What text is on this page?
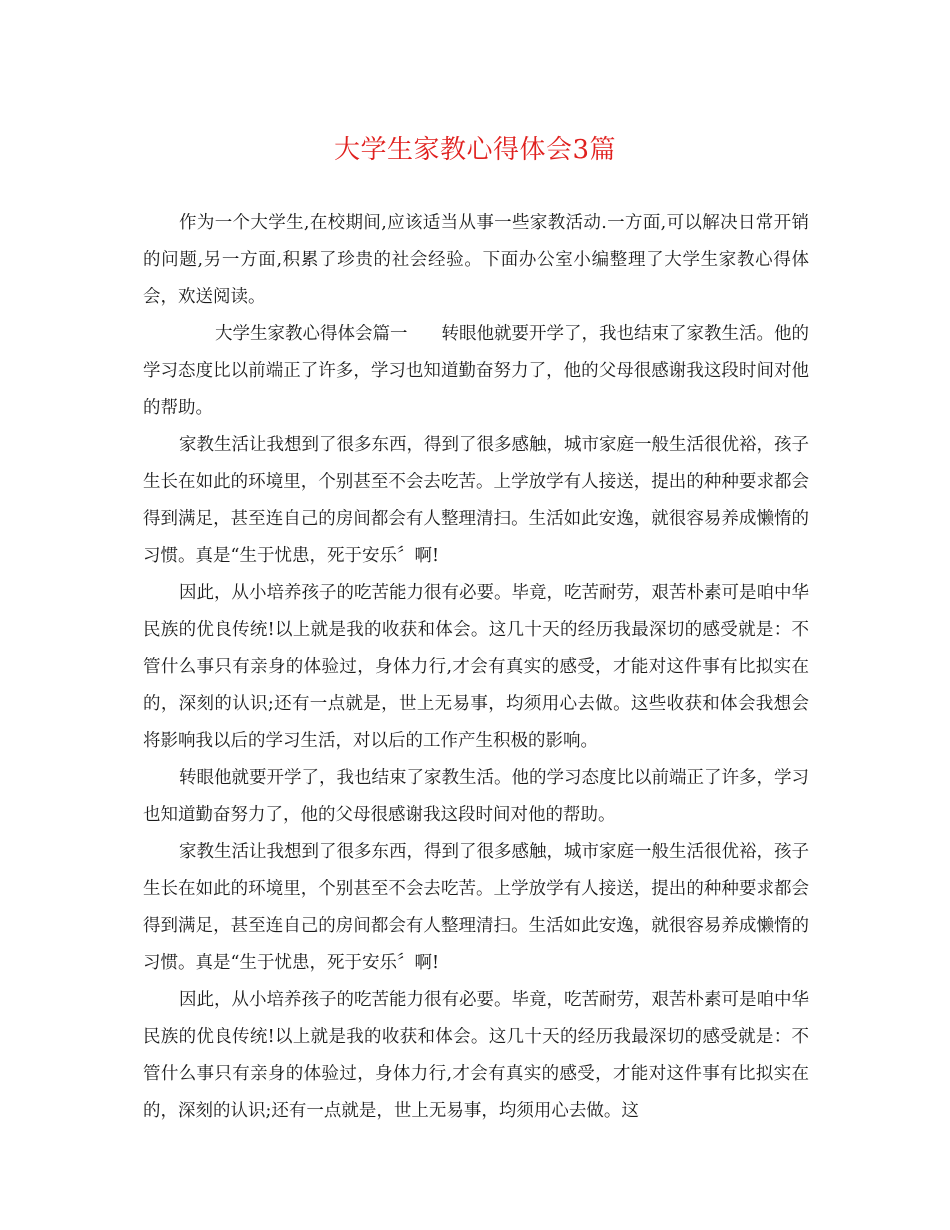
大学生家教心得体会3篇

作为一个大学生,在校期间,应该适当从事一些家教活动.一方面,可以解决日常开销的问题,另一方面,积累了珍贵的社会经验。下面办公室小编整理了大学生家教心得体会，欢送阅读。

大学生家教心得体会篇一 转眼他就要开学了，我也结束了家教生活。他的学习态度比以前端正了许多，学习也知道勤奋努力了，他的父母很感谢我这段时间对他的帮助。

家教生活让我想到了很多东西，得到了很多感触，城市家庭一般生活很优裕，孩子生长在如此的环境里，个别甚至不会去吃苦。上学放学有人接送，提出的种种要求都会得到满足，甚至连自己的房间都会有人整理清扫。生活如此安逸，就很容易养成懒惰的习惯。真是“生于忧患，死于安乐〞啊!

因此，从小培养孩子的吃苦能力很有必要。毕竟，吃苦耐劳，艰苦朴素可是咱中华民族的优良传统!以上就是我的收获和体会。这几十天的经历我最深切的感受就是：不管什么事只有亲身的体验过，身体力行,才会有真实的感受，才能对这件事有比拟实在的，深刻的认识;还有一点就是，世上无易事，均须用心去做。这些收获和体会我想会将影响我以后的学习生活，对以后的工作产生积极的影响。

转眼他就要开学了，我也结束了家教生活。他的学习态度比以前端正了许多，学习也知道勤奋努力了，他的父母很感谢我这段时间对他的帮助。

家教生活让我想到了很多东西，得到了很多感触，城市家庭一般生活很优裕，孩子生长在如此的环境里，个别甚至不会去吃苦。上学放学有人接送，提出的种种要求都会得到满足，甚至连自己的房间都会有人整理清扫。生活如此安逸，就很容易养成懒惰的习惯。真是“生于忧患，死于安乐〞啊!

因此，从小培养孩子的吃苦能力很有必要。毕竟，吃苦耐劳，艰苦朴素可是咱中华民族的优良传统!以上就是我的收获和体会。这几十天的经历我最深切的感受就是：不管什么事只有亲身的体验过，身体力行,才会有真实的感受，才能对这件事有比拟实在的，深刻的认识;还有一点就是，世上无易事，均须用心去做。这
